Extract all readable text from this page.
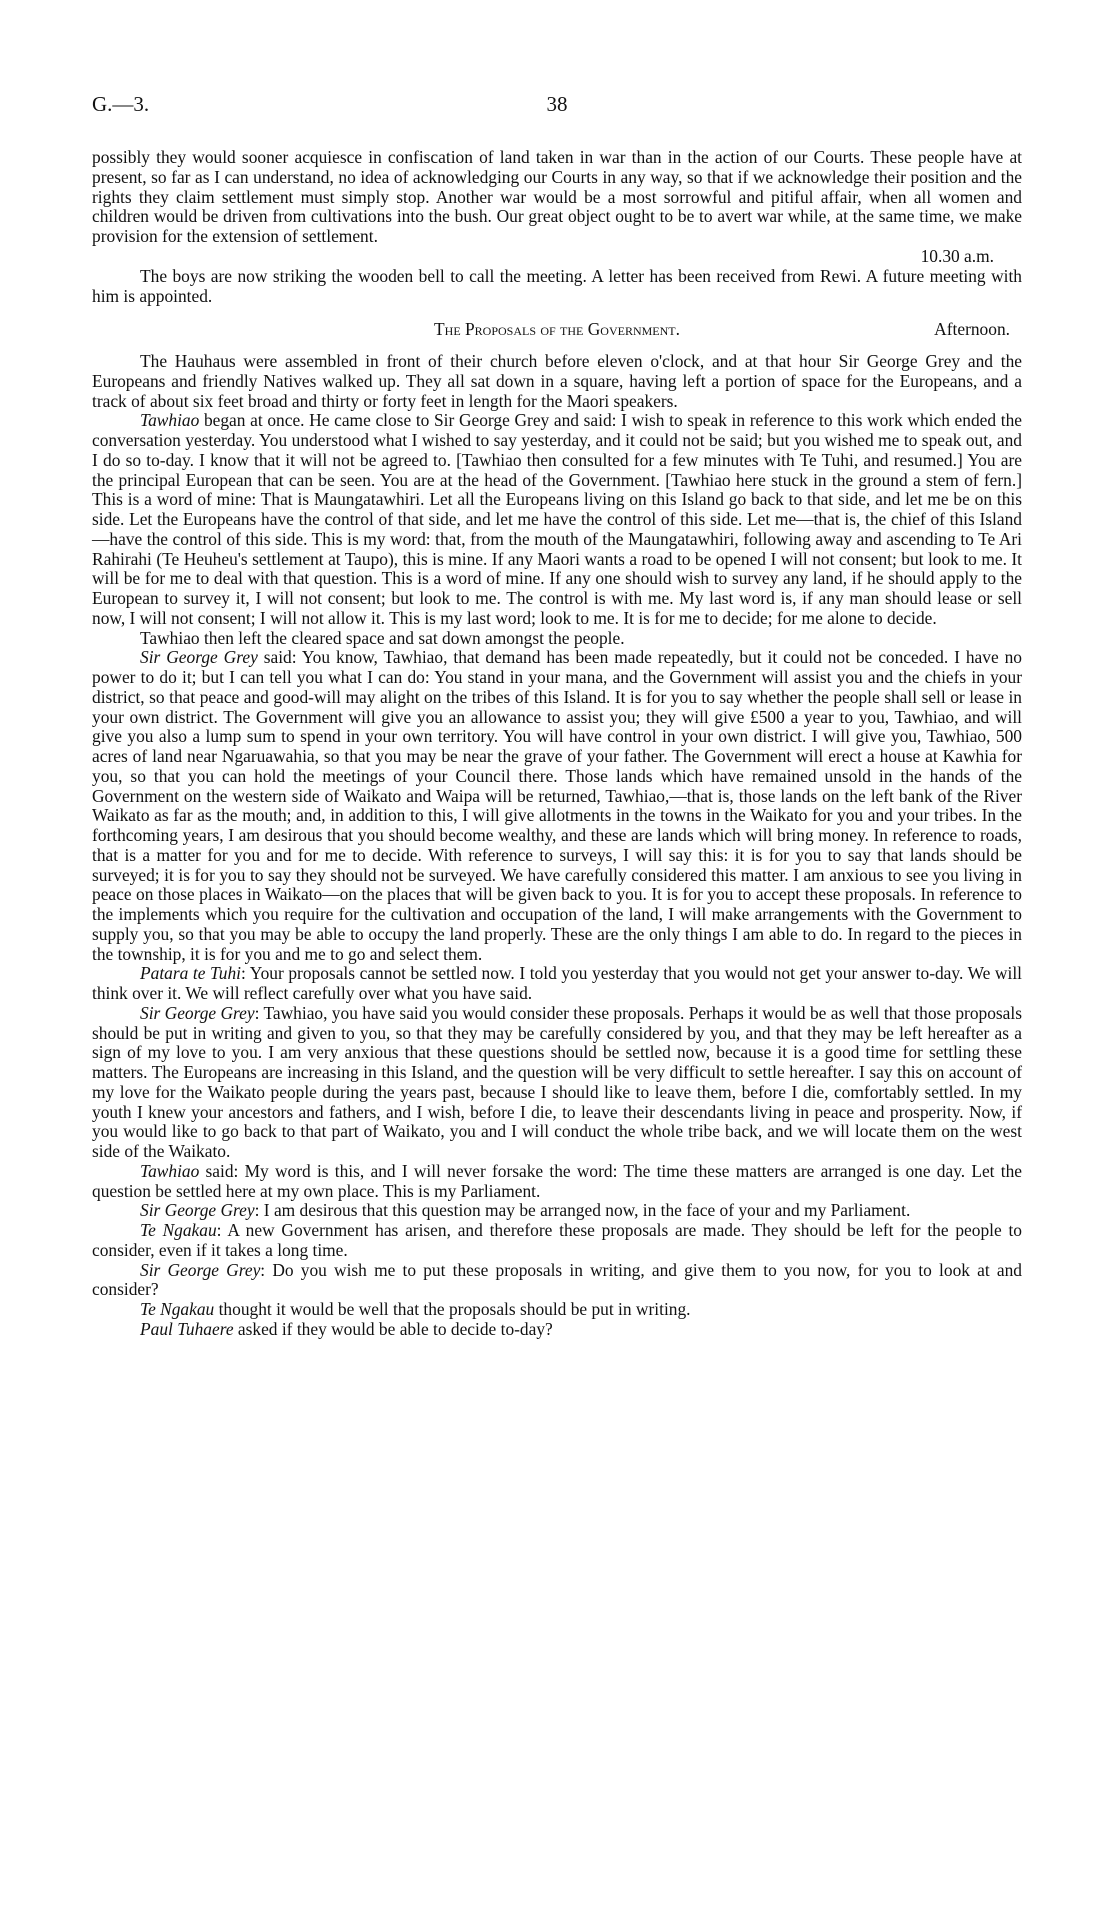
G.—3.	38

possibly they would sooner acquiesce in confiscation of land taken in war than in the action of our Courts. These people have at present, so far as I can understand, no idea of acknowledging our Courts in any way, so that if we acknowledge their position and the rights they claim settlement must simply stop. Another war would be a most sorrowful and pitiful affair, when all women and children would be driven from cultivations into the bush. Our great object ought to be to avert war while, at the same time, we make provision for the extension of settlement.

10.30 a.m.

The boys are now striking the wooden bell to call the meeting. A letter has been received from Rewi. A future meeting with him is appointed.

The Proposals of the Government.	Afternoon.

The Hauhaus were assembled in front of their church before eleven o'clock, and at that hour Sir George Grey and the Europeans and friendly Natives walked up. They all sat down in a square, having left a portion of space for the Europeans, and a track of about six feet broad and thirty or forty feet in length for the Maori speakers.

Tawhiao began at once. He came close to Sir George Grey and said: I wish to speak in reference to this work which ended the conversation yesterday. You understood what I wished to say yesterday, and it could not be said; but you wished me to speak out, and I do so to-day. I know that it will not be agreed to. [Tawhiao then consulted for a few minutes with Te Tuhi, and resumed.] You are the principal European that can be seen. You are at the head of the Government. [Tawhiao here stuck in the ground a stem of fern.] This is a word of mine: That is Maungatawhiri. Let all the Europeans living on this Island go back to that side, and let me be on this side. Let the Europeans have the control of that side, and let me have the control of this side. Let me—that is, the chief of this Island—have the control of this side. This is my word: that, from the mouth of the Maungatawhiri, following away and ascending to Te Ari Rahirahi (Te Heuheu's settlement at Taupo), this is mine. If any Maori wants a road to be opened I will not consent; but look to me. It will be for me to deal with that question. This is a word of mine. If any one should wish to survey any land, if he should apply to the European to survey it, I will not consent; but look to me. The control is with me. My last word is, if any man should lease or sell now, I will not consent; I will not allow it. This is my last word; look to me. It is for me to decide; for me alone to decide.

Tawhiao then left the cleared space and sat down amongst the people.

Sir George Grey said: You know, Tawhiao, that demand has been made repeatedly, but it could not be conceded. I have no power to do it; but I can tell you what I can do: You stand in your mana, and the Government will assist you and the chiefs in your district, so that peace and good-will may alight on the tribes of this Island. It is for you to say whether the people shall sell or lease in your own district. The Government will give you an allowance to assist you; they will give £500 a year to you, Tawhiao, and will give you also a lump sum to spend in your own territory. You will have control in your own district. I will give you, Tawhiao, 500 acres of land near Ngaruawahia, so that you may be near the grave of your father. The Government will erect a house at Kawhia for you, so that you can hold the meetings of your Council there. Those lands which have remained unsold in the hands of the Government on the western side of Waikato and Waipa will be returned, Tawhiao,—that is, those lands on the left bank of the River Waikato as far as the mouth; and, in addition to this, I will give allotments in the towns in the Waikato for you and your tribes. In the forthcoming years, I am desirous that you should become wealthy, and these are lands which will bring money. In reference to roads, that is a matter for you and for me to decide. With reference to surveys, I will say this: it is for you to say that lands should be surveyed; it is for you to say they should not be surveyed. We have carefully considered this matter. I am anxious to see you living in peace on those places in Waikato—on the places that will be given back to you. It is for you to accept these proposals. In reference to the implements which you require for the cultivation and occupation of the land, I will make arrangements with the Government to supply you, so that you may be able to occupy the land properly. These are the only things I am able to do. In regard to the pieces in the township, it is for you and me to go and select them.

Patara te Tuhi: Your proposals cannot be settled now. I told you yesterday that you would not get your answer to-day. We will think over it. We will reflect carefully over what you have said.

Sir George Grey: Tawhiao, you have said you would consider these proposals. Perhaps it would be as well that those proposals should be put in writing and given to you, so that they may be carefully considered by you, and that they may be left hereafter as a sign of my love to you. I am very anxious that these questions should be settled now, because it is a good time for settling these matters. The Europeans are increasing in this Island, and the question will be very difficult to settle hereafter. I say this on account of my love for the Waikato people during the years past, because I should like to leave them, before I die, comfortably settled. In my youth I knew your ancestors and fathers, and I wish, before I die, to leave their descendants living in peace and prosperity. Now, if you would like to go back to that part of Waikato, you and I will conduct the whole tribe back, and we will locate them on the west side of the Waikato.

Tawhiao said: My word is this, and I will never forsake the word: The time these matters are arranged is one day. Let the question be settled here at my own place. This is my Parliament.

Sir George Grey: I am desirous that this question may be arranged now, in the face of your and my Parliament.

Te Ngakau: A new Government has arisen, and therefore these proposals are made. They should be left for the people to consider, even if it takes a long time.

Sir George Grey: Do you wish me to put these proposals in writing, and give them to you now, for you to look at and consider?

Te Ngakau thought it would be well that the proposals should be put in writing.

Paul Tuhaere asked if they would be able to decide to-day?
